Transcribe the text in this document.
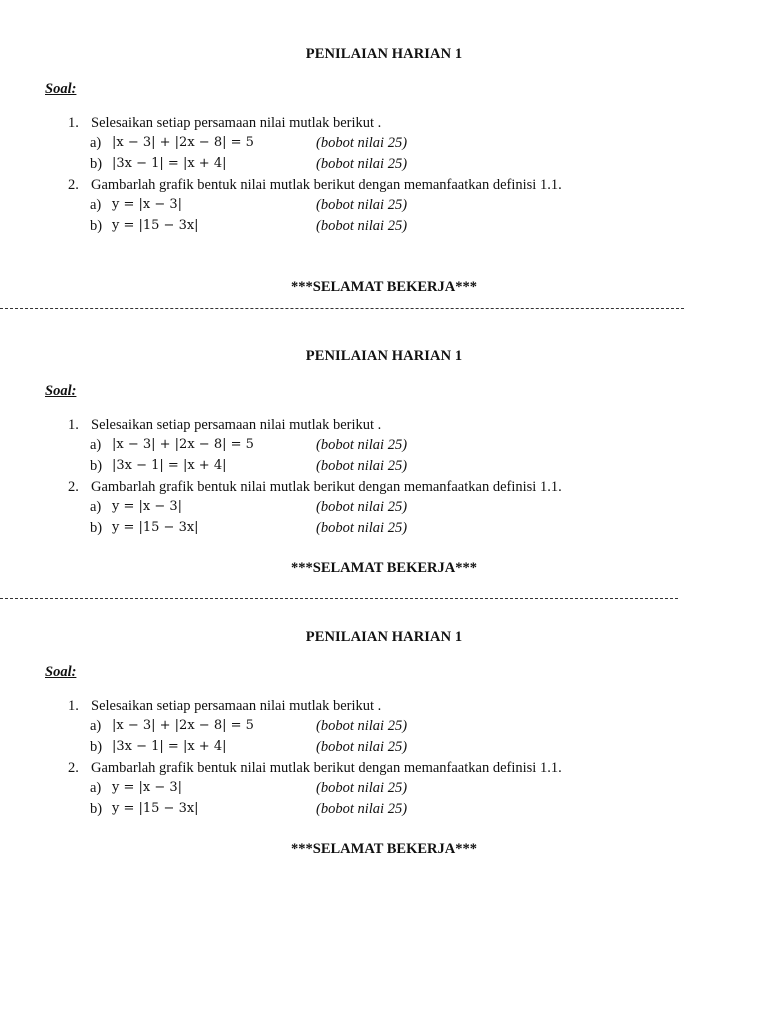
PENILAIAN HARIAN 1
Soal:
1. Selesaikan setiap persamaan nilai mutlak berikut .
a) |x − 3| + |2x − 8| = 5	(bobot nilai 25)
b) |3x − 1| = |x + 4|	(bobot nilai 25)
2. Gambarlah grafik bentuk nilai mutlak berikut dengan memanfaatkan definisi 1.1.
a) y = |x − 3|	(bobot nilai 25)
b) y = |15 − 3x|	(bobot nilai 25)
***SELAMAT BEKERJA***
PENILAIAN HARIAN 1
Soal:
1. Selesaikan setiap persamaan nilai mutlak berikut .
a) |x − 3| + |2x − 8| = 5	(bobot nilai 25)
b) |3x − 1| = |x + 4|	(bobot nilai 25)
2. Gambarlah grafik bentuk nilai mutlak berikut dengan memanfaatkan definisi 1.1.
a) y = |x − 3|	(bobot nilai 25)
b) y = |15 − 3x|	(bobot nilai 25)
***SELAMAT BEKERJA***
PENILAIAN HARIAN 1
Soal:
1. Selesaikan setiap persamaan nilai mutlak berikut .
a) |x − 3| + |2x − 8| = 5	(bobot nilai 25)
b) |3x − 1| = |x + 4|	(bobot nilai 25)
2. Gambarlah grafik bentuk nilai mutlak berikut dengan memanfaatkan definisi 1.1.
a) y = |x − 3|	(bobot nilai 25)
b) y = |15 − 3x|	(bobot nilai 25)
***SELAMAT BEKERJA***
